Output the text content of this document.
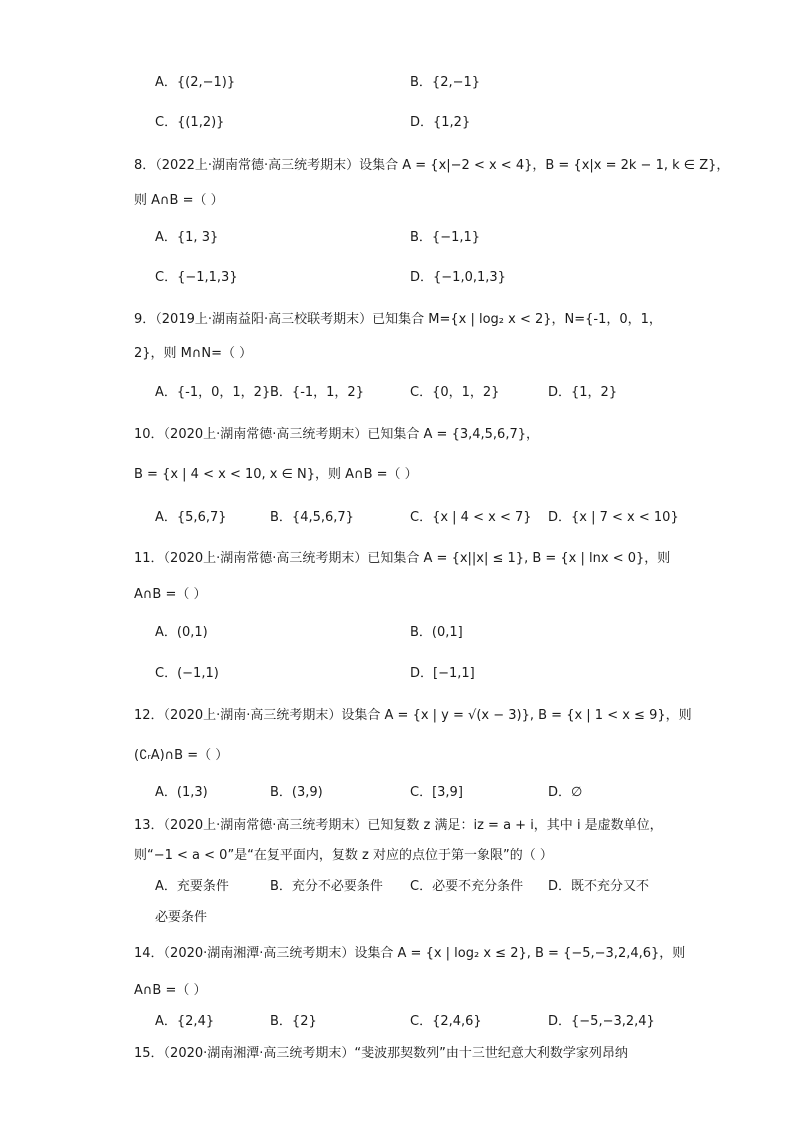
A．{(2,−1)}	B．{2,−1}
C．{(1,2)}	D．{1,2}
8．（2022上·湖南常德·高三统考期末）设集合 A = {x|−2 < x < 4}，B = {x|x = 2k − 1, k ∈ Z}，
则 A∩B =（ ）
A．{1, 3}	B．{−1,1}
C．{−1,1,3}	D．{−1,0,1,3}
9．（2019上·湖南益阳·高三校联考期末）已知集合 M={x | log₂ x < 2}，N={-1，0，1，
2}，则 M∩N=（ ）
A．{-1，0，1，2} B．{-1，1，2}	C．{0，1，2}	D．{1，2}
10．（2020上·湖南常德·高三统考期末）已知集合 A = {3,4,5,6,7}，
B = {x | 4 < x < 10, x ∈ N}，则 A∩B =（ ）
A．{5,6,7}	B．{4,5,6,7}	C．{x | 4 < x < 7} D．{x | 7 < x < 10}
11．（2020上·湖南常德·高三统考期末）已知集合 A = {x||x| ≤ 1}, B = {x | lnx < 0}，则
A∩B =（ ）
A．(0,1)	B．(0,1]
C．(−1,1)	D．[−1,1]
12．（2020上·湖南·高三统考期末）设集合 A = {x | y = √(x − 3)}, B = {x | 1 < x ≤ 9}，则
(∁ᵣA)∩B =（ ）
A．(1,3)	B．(3,9)	C．[3,9]	D．∅
13．（2020上·湖南常德·高三统考期末）已知复数 z 满足：iz = a + i，其中 i 是虚数单位，
则“−1 < a < 0”是“在复平面内，复数 z 对应的点位于第一象限”的（ ）
A．充要条件	B．充分不必要条件 C．必要不充分条件 D．既不充分又不
必要条件
14．（2020·湖南湘潭·高三统考期末）设集合 A = {x | log₂ x ≤ 2}, B = {−5,−3,2,4,6}，则
A∩B =（ ）
A．{2,4}	B．{2}	C．{2,4,6}	D．{−5,−3,2,4}
15．（2020·湖南湘潭·高三统考期末）“斐波那契数列”由十三世纪意大利数学家列昂纳
